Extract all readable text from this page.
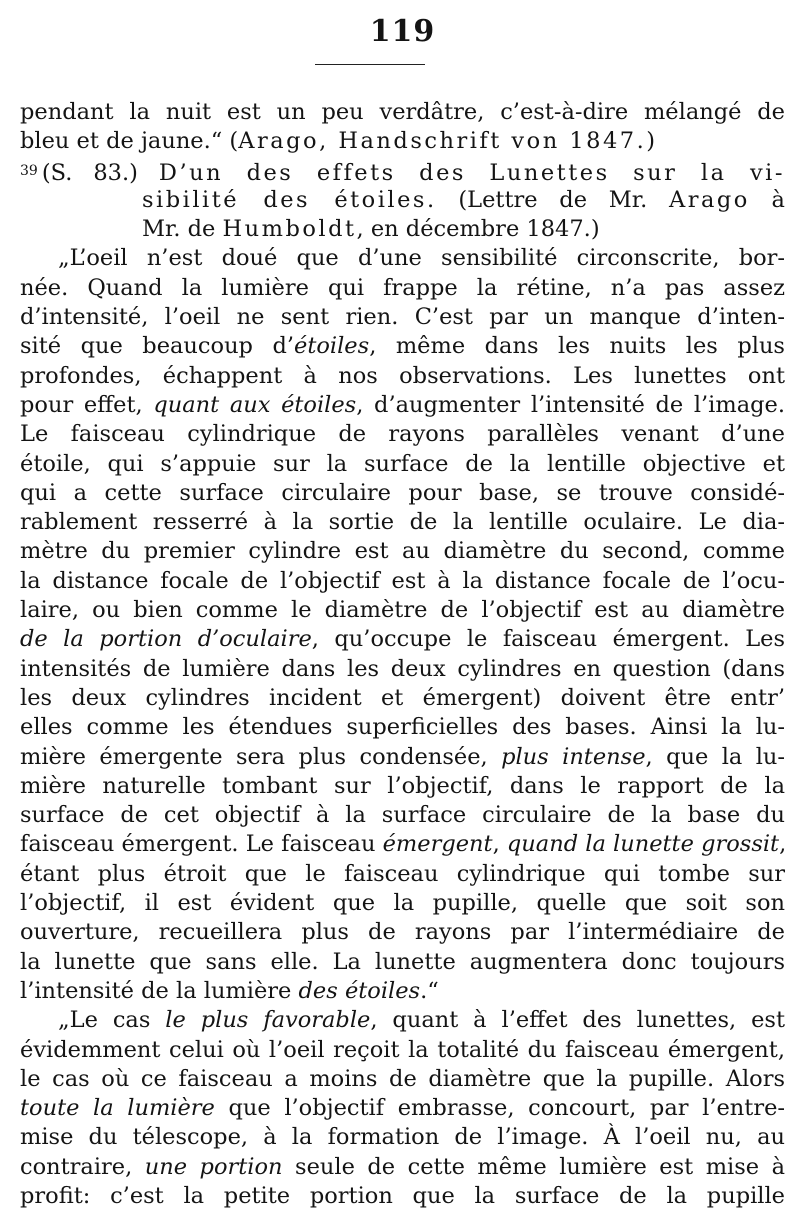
119
pendant la nuit est un peu verdâtre, c’est-à-dire mélangé de
bleu et de jaune.“ (Arago, Handschrift von 1847.)
$^{39}$ (S. 83.) D’un des effets des Lunettes sur la vi-
sibilité des étoiles. (Lettre de Mr. Arago à
Mr. de Humboldt, en décembre 1847.)
„L’oeil n’est doué que d’une sensibilité circonscrite, bor-
née. Quand la lumière qui frappe la rétine, n’a pas assez
d’intensité, l’oeil ne sent rien. C’est par un manque d’inten-
sité que beaucoup d’étoiles, même dans les nuits les plus
profondes, échappent à nos observations. Les lunettes ont
pour effet, quant aux étoiles, d’augmenter l’intensité de l’image.
Le faisceau cylindrique de rayons parallèles venant d’une
étoile, qui s’appuie sur la surface de la lentille objective et
qui a cette surface circulaire pour base, se trouve considé-
rablement resserré à la sortie de la lentille oculaire. Le dia-
mètre du premier cylindre est au diamètre du second, comme
la distance focale de l’objectif est à la distance focale de l’ocu-
laire, ou bien comme le diamètre de l’objectif est au diamètre
de la portion d’oculaire, qu’occupe le faisceau émergent. Les
intensités de lumière dans les deux cylindres en question (dans
les deux cylindres incident et émergent) doivent être entr’
elles comme les étendues superficielles des bases. Ainsi la lu-
mière émergente sera plus condensée, plus intense, que la lu-
mière naturelle tombant sur l’objectif, dans le rapport de la
surface de cet objectif à la surface circulaire de la base du
faisceau émergent. Le faisceau émergent, quand la lunette grossit,
étant plus étroit que le faisceau cylindrique qui tombe sur
l’objectif, il est évident que la pupille, quelle que soit son
ouverture, recueillera plus de rayons par l’intermédiaire de
la lunette que sans elle. La lunette augmentera donc toujours
l’intensité de la lumière des étoiles.“
„Le cas le plus favorable, quant à l’effet des lunettes, est
évidemment celui où l’oeil reçoit la totalité du faisceau émergent,
le cas où ce faisceau a moins de diamètre que la pupille. Alors
toute la lumière que l’objectif embrasse, concourt, par l’entre-
mise du télescope, à la formation de l’image. À l’oeil nu, au
contraire, une portion seule de cette même lumière est mise à
profit: c’est la petite portion que la surface de la pupille
